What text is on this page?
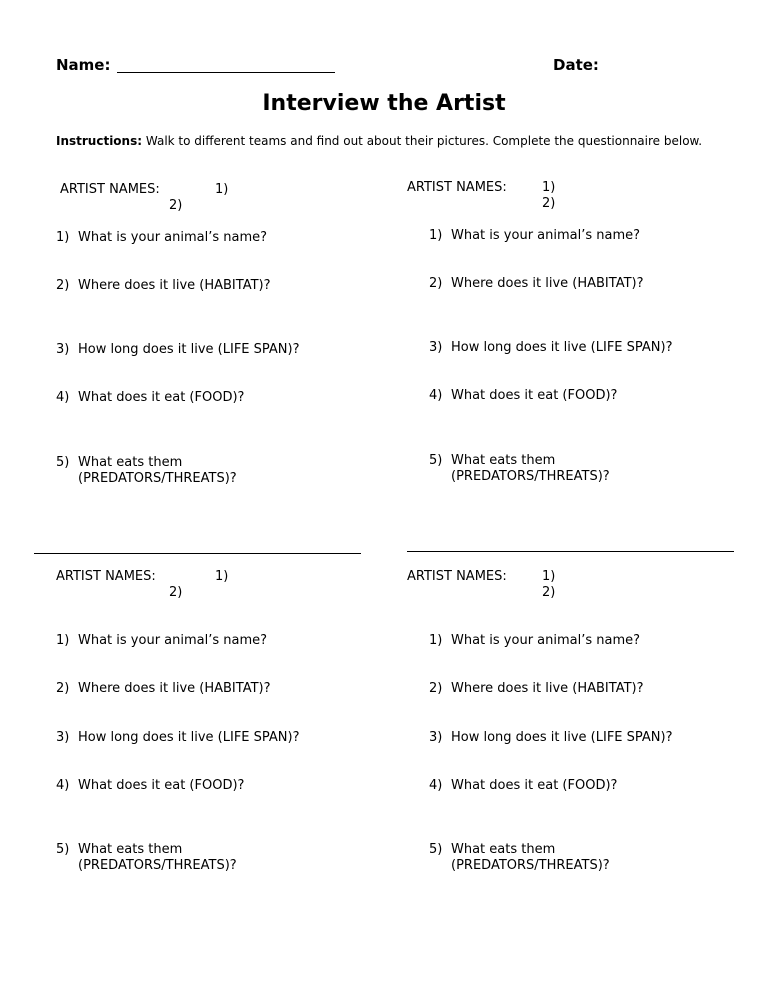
Name:	Date:
Interview the Artist
Instructions: Walk to different teams and find out about their pictures. Complete the questionnaire below.
ARTIST NAMES:	1)
2)
1) What is your animal’s name?
2) Where does it live (HABITAT)?
3) How long does it live (LIFE SPAN)?
4) What does it eat (FOOD)?
5) What eats them
(PREDATORS/THREATS)?
ARTIST NAMES:	1)
2)
1) What is your animal’s name?
2) Where does it live (HABITAT)?
3) How long does it live (LIFE SPAN)?
4) What does it eat (FOOD)?
5) What eats them
(PREDATORS/THREATS)?
ARTIST NAMES:	1)
2)
1) What is your animal’s name?
2) Where does it live (HABITAT)?
3) How long does it live (LIFE SPAN)?
4) What does it eat (FOOD)?
5) What eats them
(PREDATORS/THREATS)?
ARTIST NAMES:	1)
2)
1) What is your animal’s name?
2) Where does it live (HABITAT)?
3) How long does it live (LIFE SPAN)?
4) What does it eat (FOOD)?
5) What eats them
(PREDATORS/THREATS)?
